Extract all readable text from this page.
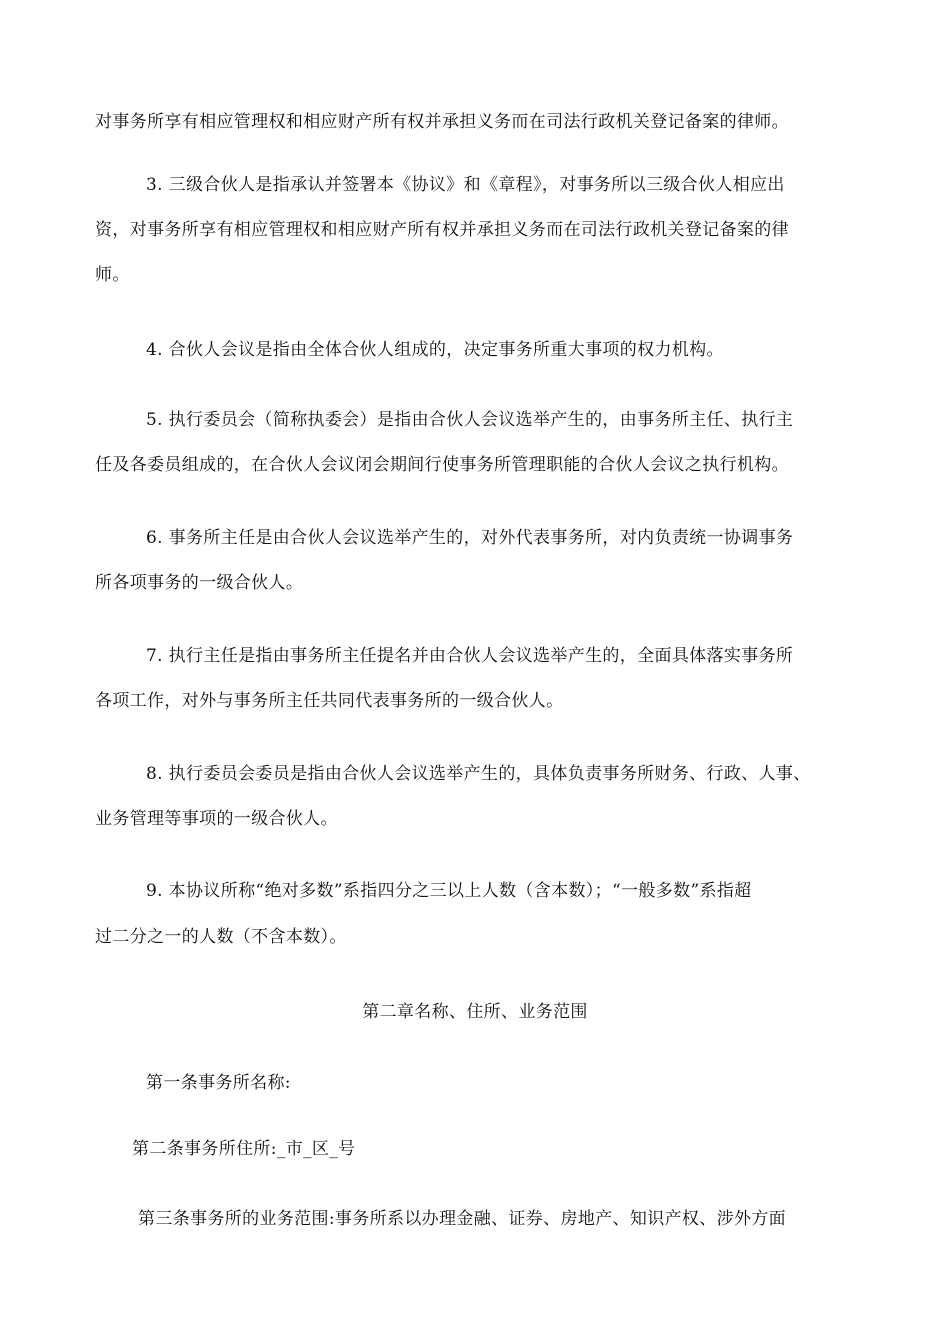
对事务所享有相应管理权和相应财产所有权并承担义务而在司法行政机关登记备案的律师。
3. 三级合伙人是指承认并签署本《协议》和《章程》，对事务所以三级合伙人相应出
资，对事务所享有相应管理权和相应财产所有权并承担义务而在司法行政机关登记备案的律
师。
4. 合伙人会议是指由全体合伙人组成的，决定事务所重大事项的权力机构。
5. 执行委员会（简称执委会）是指由合伙人会议选举产生的，由事务所主任、执行主
任及各委员组成的，在合伙人会议闭会期间行使事务所管理职能的合伙人会议之执行机构。
6. 事务所主任是由合伙人会议选举产生的，对外代表事务所，对内负责统一协调事务
所各项事务的一级合伙人。
7. 执行主任是指由事务所主任提名并由合伙人会议选举产生的，全面具体落实事务所
各项工作，对外与事务所主任共同代表事务所的一级合伙人。
8. 执行委员会委员是指由合伙人会议选举产生的，具体负责事务所财务、行政、人事、
业务管理等事项的一级合伙人。
9. 本协议所称“绝对多数”系指四分之三以上人数（含本数）；“一般多数”系指超
过二分之一的人数（不含本数）。
第二章名称、住所、业务范围
第一条事务所名称:
第二条事务所住所:_市_区_号
第三条事务所的业务范围:事务所系以办理金融、证券、房地产、知识产权、涉外方面
